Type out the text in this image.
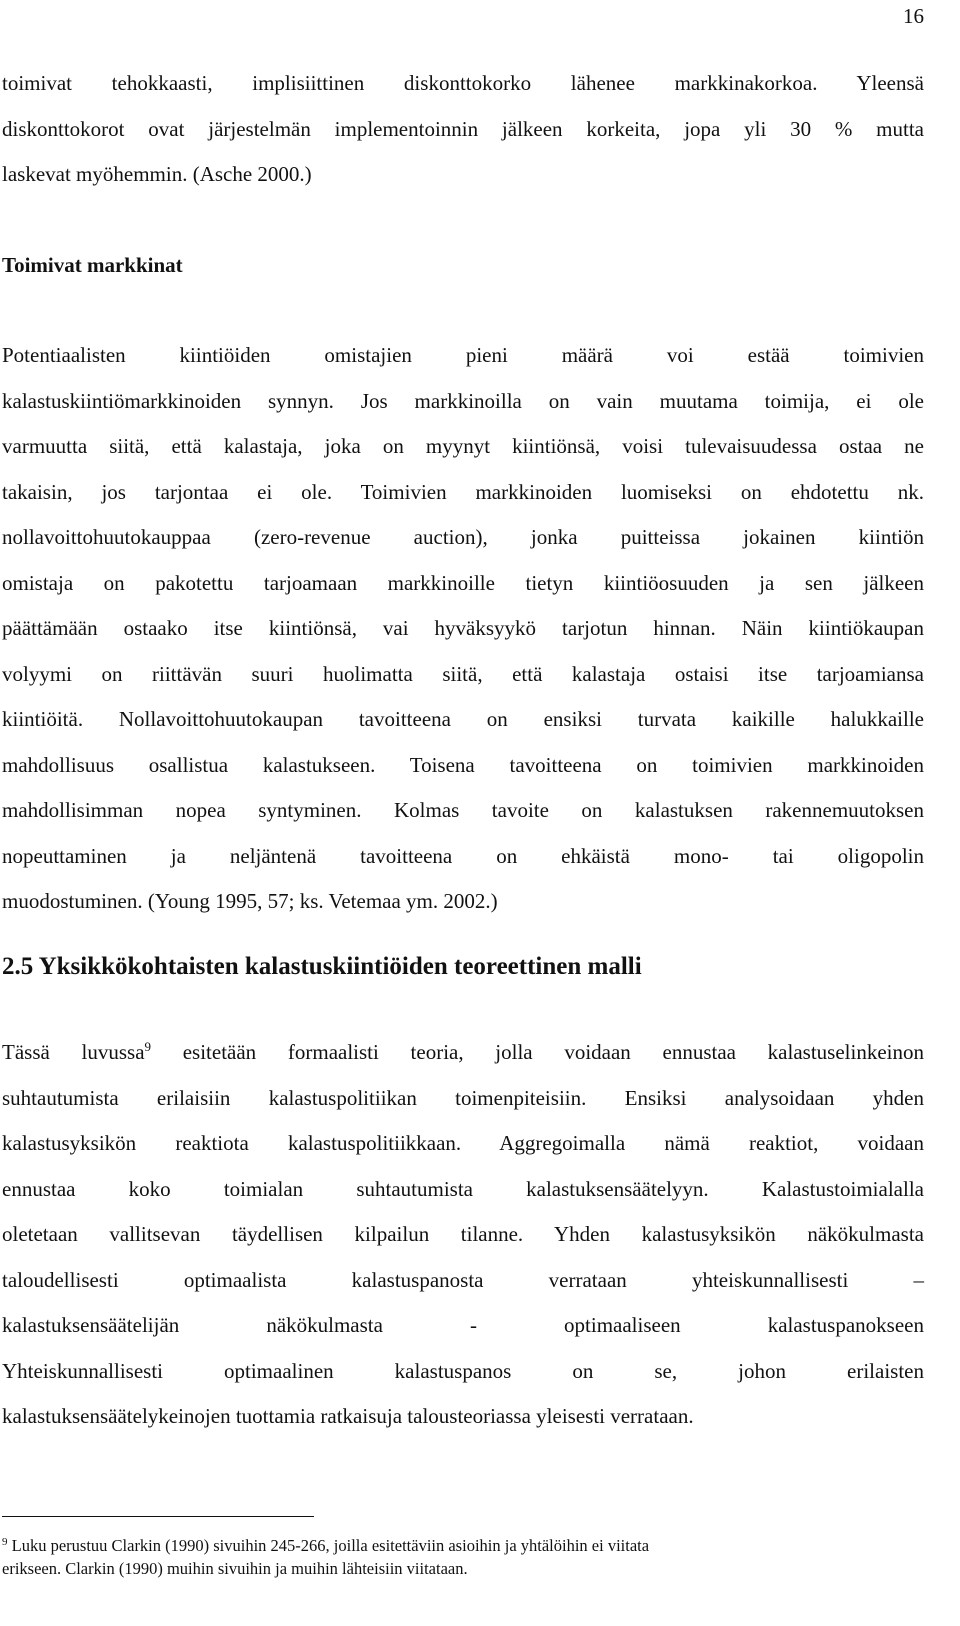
16
toimivat tehokkaasti, implisiittinen diskonttokorko lähenee markkinakorkoa. Yleensä
diskonttokorot ovat järjestelmän implementoinnin jälkeen korkeita, jopa yli 30 % mutta
laskevat myöhemmin. (Asche 2000.)
Toimivat markkinat
Potentiaalisten kiintiöiden omistajien pieni määrä voi estää toimivien
kalastuskiintiömarkkinoiden synnyn. Jos markkinoilla on vain muutama toimija, ei ole
varmuutta siitä, että kalastaja, joka on myynyt kiintiönsä, voisi tulevaisuudessa ostaa ne
takaisin, jos tarjontaa ei ole. Toimivien markkinoiden luomiseksi on ehdotettu nk.
nollavoittohuutokauppaa (zero-revenue auction), jonka puitteissa jokainen kiintiön
omistaja on pakotettu tarjoamaan markkinoille tietyn kiintiöosuuden ja sen jälkeen
päättämään ostaako itse kiintiönsä, vai hyväksyykö tarjotun hinnan. Näin kiintiökaupan
volyymi on riittävän suuri huolimatta siitä, että kalastaja ostaisi itse tarjoamiansa
kiintiöitä. Nollavoittohuutokaupan tavoitteena on ensiksi turvata kaikille halukkaille
mahdollisuus osallistua kalastukseen. Toisena tavoitteena on toimivien markkinoiden
mahdollisimman nopea syntyminen. Kolmas tavoite on kalastuksen rakennemuutoksen
nopeuttaminen ja neljäntenä tavoitteena on ehkäistä mono- tai oligopolin
muodostuminen. (Young 1995, 57; ks. Vetemaa ym. 2002.)
2.5 Yksikkökohtaisten kalastuskiintiöiden teoreettinen malli
Tässä luvussa$^9$ esitetään formaalisti teoria, jolla voidaan ennustaa kalastuselinkeinon
suhtautumista erilaisiin kalastuspolitiikan toimenpiteisiin. Ensiksi analysoidaan yhden
kalastusyksikön reaktiota kalastuspolitiikkaan. Aggregoimalla nämä reaktiot, voidaan
ennustaa koko toimialan suhtautumista kalastuksensäätelyyn. Kalastustoimialalla
oletetaan vallitsevan täydellisen kilpailun tilanne. Yhden kalastusyksikön näkökulmasta
taloudellisesti optimaalista kalastuspanosta verrataan yhteiskunnallisesti –
kalastuksensäätelijän näkökulmasta - optimaaliseen kalastuspanokseen
Yhteiskunnallisesti optimaalinen kalastuspanos on se, johon erilaisten
kalastuksensäätelykeinojen tuottamia ratkaisuja talousteoriassa yleisesti verrataan.
$^9$ Luku perustuu Clarkin (1990) sivuihin 245-266, joilla esitettäviin asioihin ja yhtälöihin ei viitata
erikseen. Clarkin (1990) muihin sivuihin ja muihin lähteisiin viitataan.
